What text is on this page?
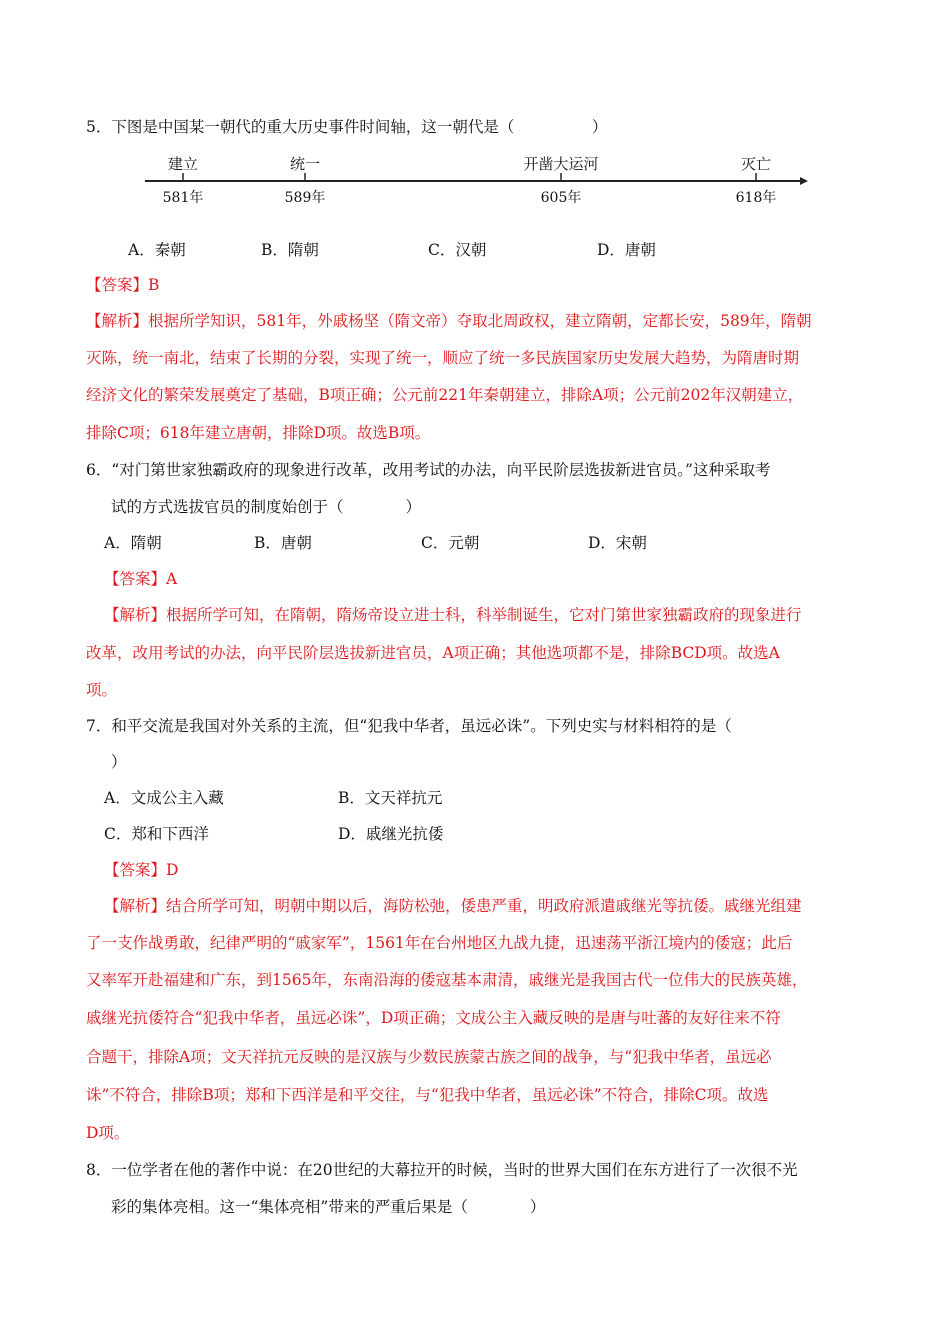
5．下图是中国某一朝代的重大历史事件时间轴，这一朝代是（　　　　　）
建立	统一	开凿大运河	灭亡
581年	589年	605年	618年
A．秦朝	B．隋朝	C．汉朝	D．唐朝
【答案】B
【解析】根据所学知识，581年，外戚杨坚（隋文帝）夺取北周政权，建立隋朝，定都长安，589年，隋朝
灭陈，统一南北，结束了长期的分裂，实现了统一，顺应了统一多民族国家历史发展大趋势，为隋唐时期
经济文化的繁荣发展奠定了基础，B项正确；公元前221年秦朝建立，排除A项；公元前202年汉朝建立，
排除C项；618年建立唐朝，排除D项。故选B项。
6．“对门第世家独霸政府的现象进行改革，改用考试的办法，向平民阶层选拔新进官员。”这种采取考
试的方式选拔官员的制度始创于（　　　　）
A．隋朝	B．唐朝	C．元朝	D．宋朝
【答案】A
【解析】根据所学可知，在隋朝，隋炀帝设立进士科，科举制诞生，它对门第世家独霸政府的现象进行
改革，改用考试的办法，向平民阶层选拔新进官员，A项正确；其他选项都不是，排除BCD项。故选A
项。
7．和平交流是我国对外关系的主流，但“犯我中华者，虽远必诛”。下列史实与材料相符的是（
）
A．文成公主入藏	B．文天祥抗元
C．郑和下西洋	D．戚继光抗倭
【答案】D
【解析】结合所学可知，明朝中期以后，海防松弛，倭患严重，明政府派遣戚继光等抗倭。戚继光组建
了一支作战勇敢，纪律严明的“戚家军”，1561年在台州地区九战九捷，迅速荡平浙江境内的倭寇；此后
又率军开赴福建和广东，到1565年，东南沿海的倭寇基本肃清，戚继光是我国古代一位伟大的民族英雄，
戚继光抗倭符合“犯我中华者，虽远必诛”，D项正确；文成公主入藏反映的是唐与吐蕃的友好往来不符
合题干，排除A项；文天祥抗元反映的是汉族与少数民族蒙古族之间的战争，与“犯我中华者，虽远必
诛”不符合，排除B项；郑和下西洋是和平交往，与“犯我中华者，虽远必诛”不符合，排除C项。故选
D项。
8．一位学者在他的著作中说：在20世纪的大幕拉开的时候，当时的世界大国们在东方进行了一次很不光
彩的集体亮相。这一“集体亮相”带来的严重后果是（　　　　）
